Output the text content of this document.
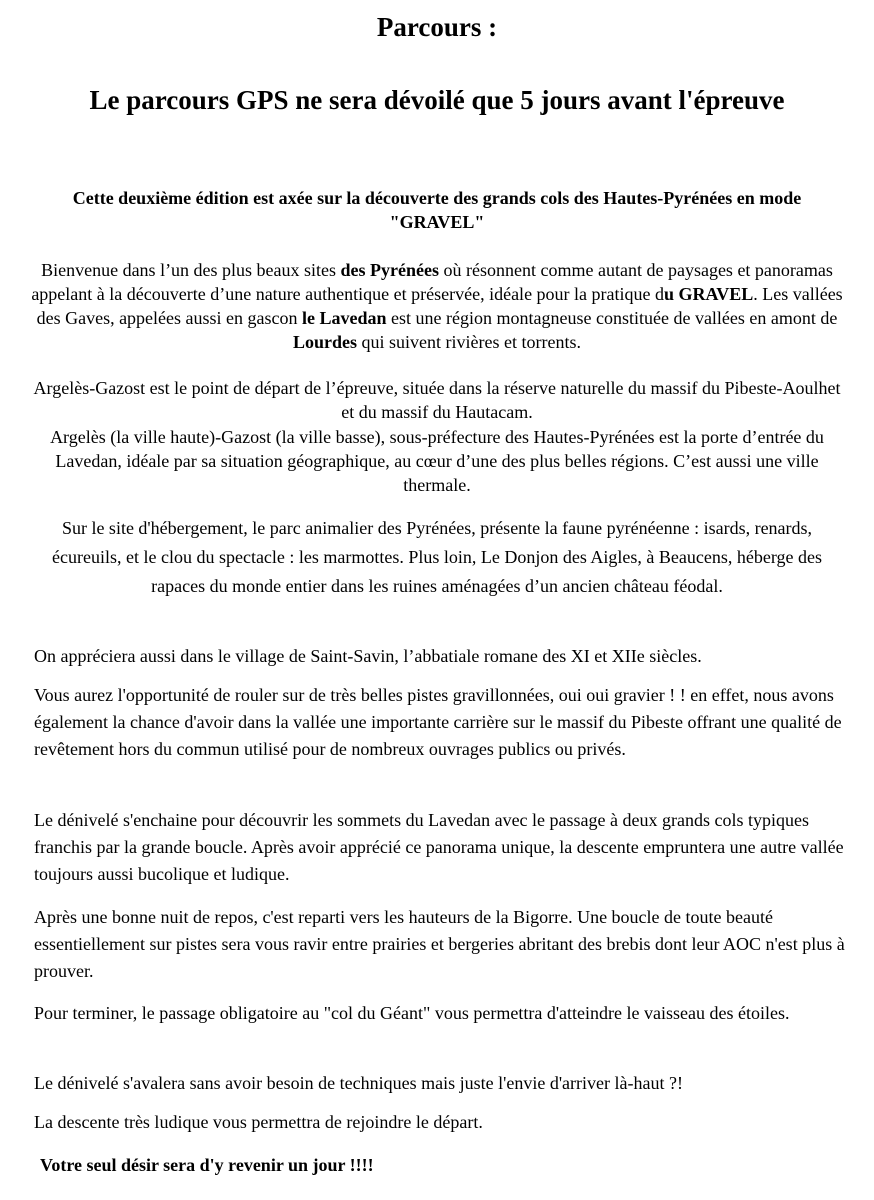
Parcours :
Le parcours GPS ne sera dévoilé que 5 jours avant l'épreuve

Cette deuxième édition est axée sur la découverte des grands cols des Hautes-Pyrénées en mode "GRAVEL"

Bienvenue dans l’un des plus beaux sites des Pyrénées où résonnent comme autant de paysages et panoramas appelant à la découverte d’une nature authentique et préservée, idéale pour la pratique du GRAVEL. Les vallées des Gaves, appelées aussi en gascon le Lavedan est une région montagneuse constituée de vallées en amont de Lourdes qui suivent rivières et torrents.

Argelès-Gazost est le point de départ de l’épreuve, située dans la réserve naturelle du massif du Pibeste-Aoulhet et du massif du Hautacam.

Argelès (la ville haute)-Gazost (la ville basse), sous-préfecture des Hautes-Pyrénées est la porte d’entrée du Lavedan, idéale par sa situation géographique, au cœur d’une des plus belles régions. C’est aussi une ville thermale.

Sur le site d'hébergement, le parc animalier des Pyrénées, présente la faune pyrénéenne : isards, renards, écureuils, et le clou du spectacle : les marmottes. Plus loin, Le Donjon des Aigles, à Beaucens, héberge des rapaces du monde entier dans les ruines aménagées d’un ancien château féodal.

On appréciera aussi dans le village de Saint-Savin, l’abbatiale romane des XI et XIIe siècles.

Vous aurez l'opportunité de rouler sur de très belles pistes gravillonnées, oui oui gravier ! ! en effet, nous avons également la chance d'avoir dans la vallée une importante carrière sur le massif du Pibeste offrant une qualité de revêtement hors du commun utilisé pour de nombreux ouvrages publics ou privés.

Le dénivelé s'enchaine pour découvrir les sommets du Lavedan avec le passage à deux grands cols typiques franchis par la grande boucle. Après avoir apprécié ce panorama unique, la descente empruntera une autre vallée toujours aussi bucolique et ludique.

Après une bonne nuit de repos, c'est reparti vers les hauteurs de la Bigorre. Une boucle de toute beauté essentiellement sur pistes sera vous ravir entre prairies et bergeries abritant des brebis dont leur AOC n'est plus à prouver.

Pour terminer, le passage obligatoire au "col du Géant" vous permettra d'atteindre le vaisseau des étoiles.

Le dénivelé s'avalera sans avoir besoin de techniques mais juste l'envie d'arriver là-haut ?!

La descente très ludique vous permettra de rejoindre le départ.

Votre seul désir sera d'y revenir un jour !!!!
